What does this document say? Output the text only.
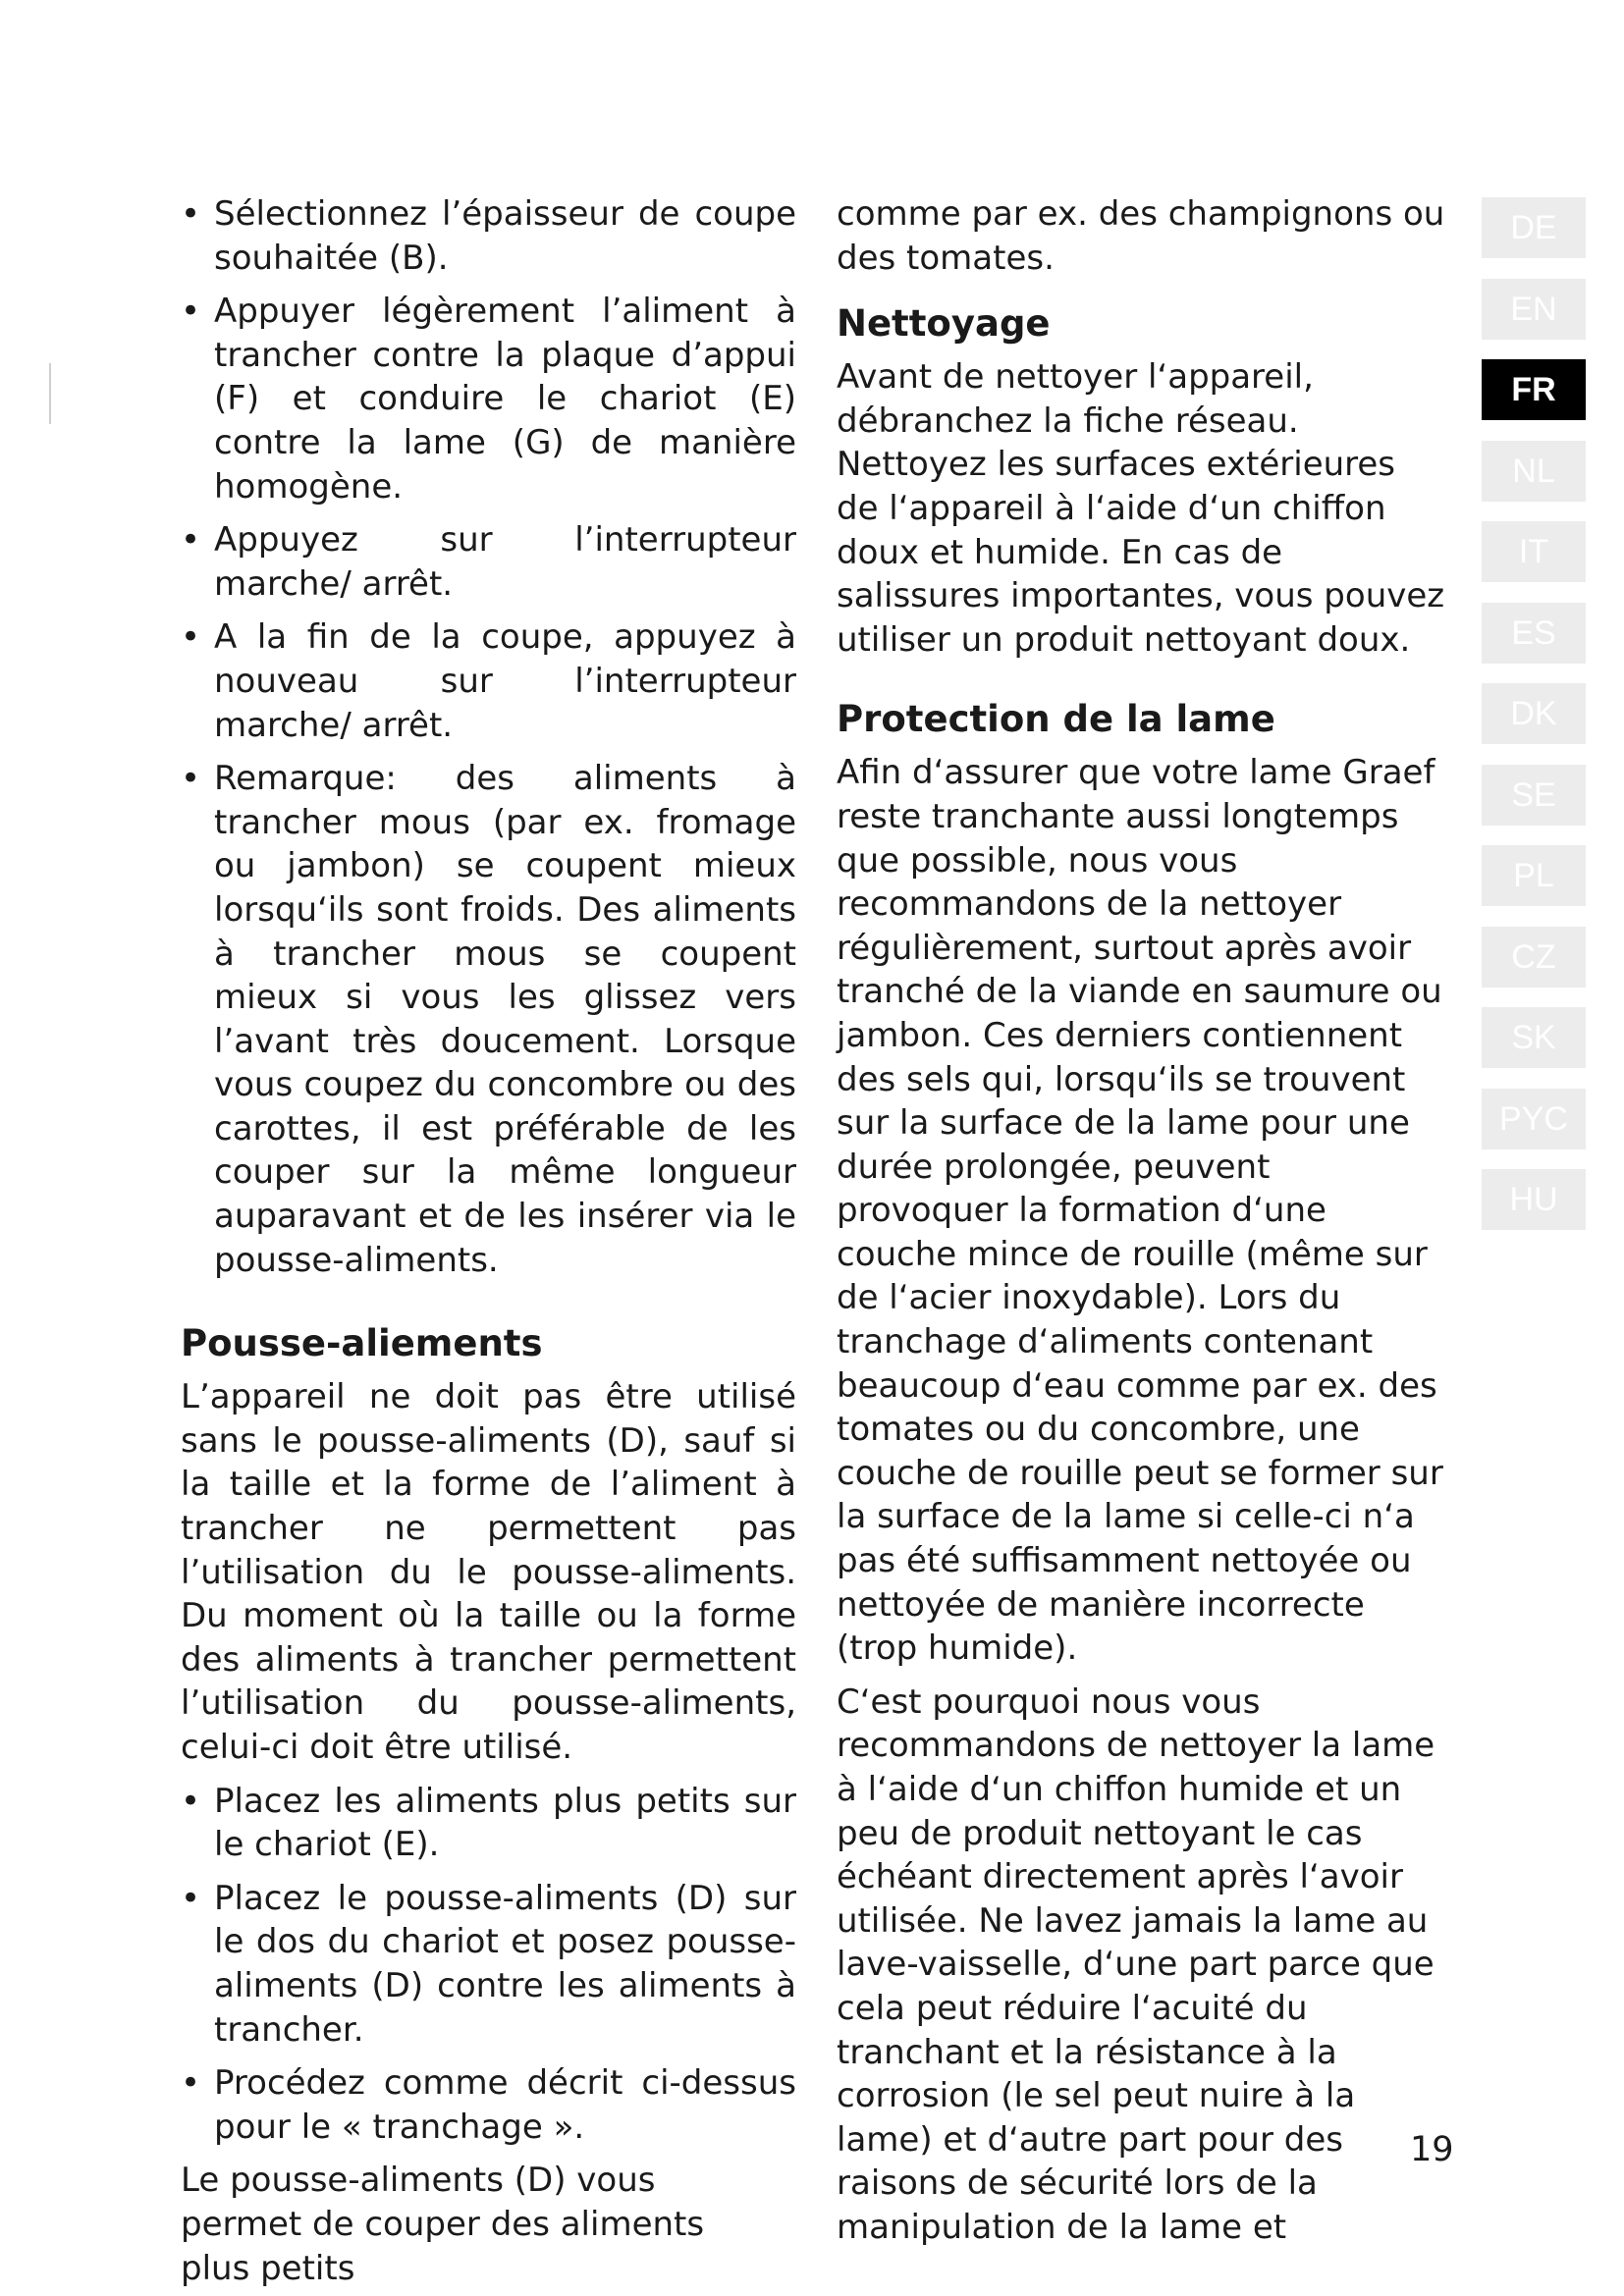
• Sélectionnez l’épaisseur de coupe souhaitée (B).
• Appuyer légèrement l’aliment à trancher contre la plaque d’appui (F) et conduire le chariot (E) contre la lame (G) de manière homogène.
• Appuyez sur l’interrupteur marche/ arrêt.
• A la fin de la coupe, appuyez à nouveau sur l’interrupteur marche/ arrêt.
• Remarque: des aliments à trancher mous (par ex. fromage ou jambon) se coupent mieux lorsqu‘ils sont froids. Des aliments à trancher mous se coupent mieux si vous les glissez vers l’avant très doucement. Lorsque vous coupez du concombre ou des carottes, il est préférable de les couper sur la même longueur auparavant et de les insérer via le pousse-aliments.
Pousse-aliements

L’appareil ne doit pas être utilisé sans le pousse-aliments (D), sauf si la taille et la forme de l’aliment à trancher ne permettent pas l’utilisation du le pousse-aliments. Du moment où la taille ou la forme des aliments à trancher permettent l’utilisation du pousse-aliments, celui-ci doit être utilisé.

• Placez les aliments plus petits sur le chariot (E).
• Placez le pousse-aliments (D) sur le dos du chariot et posez pousse-aliments (D) contre les aliments à trancher.
• Procédez comme décrit ci-dessus pour le « tranchage ».

Le pousse-aliments (D) vous permet de couper des aliments plus petits

comme par ex. des champignons ou des tomates.

Nettoyage

Avant de nettoyer l‘appareil, débranchez la fiche réseau. Nettoyez les surfaces extérieures de l‘appareil à l‘aide d‘un chiffon doux et humide. En cas de salissures importantes, vous pouvez utiliser un produit nettoyant doux.

Protection de la lame

Afin d‘assurer que votre lame Graef reste tranchante aussi longtemps que possible, nous vous recommandons de la nettoyer régulièrement, surtout après avoir tranché de la viande en saumure ou jambon. Ces derniers contiennent des sels qui, lorsqu‘ils se trouvent sur la surface de la lame pour une durée prolongée, peuvent provoquer la formation d‘une couche mince de rouille (même sur de l‘acier inoxydable). Lors du tranchage d‘aliments contenant beaucoup d‘eau comme par ex. des tomates ou du concombre, une couche de rouille peut se former sur la surface de la lame si celle-ci n‘a pas été suffisamment nettoyée ou nettoyée de manière incorrecte (trop humide).

C‘est pourquoi nous vous recommandons de nettoyer la lame à l‘aide d‘un chiffon humide et un peu de produit nettoyant le cas échéant directement après l‘avoir utilisée. Ne lavez jamais la lame au lave-vaisselle, d‘une part parce que cela peut réduire l‘acuité du tranchant et la résistance à la corrosion (le sel peut nuire à la lame) et d‘autre part pour des raisons de sécurité lors de la manipulation de la lame et

DE
EN
FR
NL
IT
ES
DK
SE
PL
CZ
SK
PYC
HU
19
